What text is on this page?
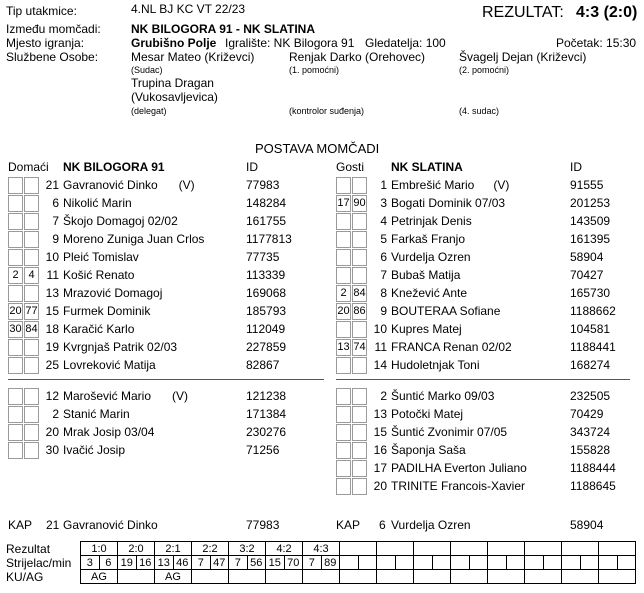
Tip utakmice:	4.NL BJ KC VT 22/23	REZULTAT: 4:3 (2:0)
Između momčadi:	NK BILOGORA 91 - NK SLATINA
Mjesto igranja:	Grubišno Polje Igralište: NK Bilogora 91 Gledatelja: 100	Početak: 15:30
Službene Osobe:	Mesar Mateo (Križevci)
(Sudac)
Renjak Darko (Orehovec)
(1. pomoćni)
Švagelj Dejan (Križevci)
(2. pomoćni)
Trupina Dragan
(Vukosavljevica)
(delegat)	(kontrolor suđenja)	(4. sudac)
POSTAVA MOMČADI
Domaći NK BILOGORA 91	ID	Gosti NK SLATINA	ID
21 Gavranović Dinko (V)	77983
6 Nikolić Marin	148284
7 Škojo Domagoj 02/02	161755
9 Moreno Zuniga Juan Crlos	1177813
10 Pleić Tomislav	77735
2 4 11 Košić Renato	113339
13 Mrazović Domagoj	169068
20 77 15 Furmek Dominik	185793
30 84 18 Karačić Karlo	112049
19 Kvrgnjaš Patrik 02/03	227859
25 Lovreković Matija	82867
12 Marošević Mario (V)	121238
2 Stanić Marin	171384
20 Mrak Josip 03/04	230276
30 Ivačić Josip	71256
1 Embrešić Mario (V)	91555
17 90	3 Bogati Dominik 07/03	201253
4 Petrinjak Denis	143509
5 Farkaš Franjo	161395
6 Vurdelja Ozren	58904
7 Bubaš Matija	70427
2 84	8 Knežević Ante	165730
20 86	9 BOUTERAA Sofiane	1188662
10 Kupres Matej	104581
13 74 11 FRANCA Renan 02/02	1188441
14 Hudoletnjak Toni	168274
2 Šuntić Marko 09/03	232505
13 Potočki Matej	70429
15 Šuntić Zvonimir 07/05	343724
16 Šaponja Saša	155828
17 PADILHA Everton Juliano	1188444
20 TRINITE Francois-Xavier	1188645
KAP 21 Gavranović Dinko	77983	KAP 6 Vurdelja Ozren	58904
Rezultat
Strijelac/min
KU/AG
1:0		2:0		2:1		2:2		3:2		4:2		4:3																	
3	6	19	16	13	46	7	47	7	56	15	70	7	89																
AG				AG																									
